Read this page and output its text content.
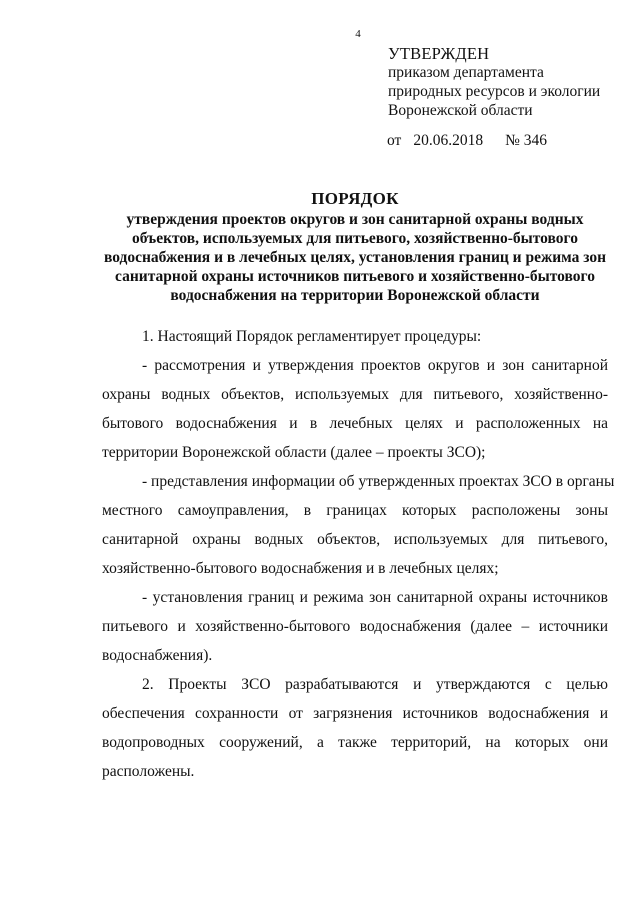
4
УТВЕРЖДЕН
приказом департамента
природных ресурсов и экологии
Воронежской области
от 20.06.2018 № 346
ПОРЯДОК
утверждения проектов округов и зон санитарной охраны водных
объектов, используемых для питьевого, хозяйственно-бытового
водоснабжения и в лечебных целях, установления границ и режима зон
санитарной охраны источников питьевого и хозяйственно-бытового
водоснабжения на территории Воронежской области
1. Настоящий Порядок регламентирует процедуры:
- рассмотрения и утверждения проектов округов и зон санитарной
охраны водных объектов, используемых для питьевого, хозяйственно-
бытового водоснабжения и в лечебных целях и расположенных на
территории Воронежской области (далее – проекты ЗСО);
- представления информации об утвержденных проектах ЗСО в органы
местного самоуправления, в границах которых расположены зоны
санитарной охраны водных объектов, используемых для питьевого,
хозяйственно-бытового водоснабжения и в лечебных целях;
- установления границ и режима зон санитарной охраны источников
питьевого и хозяйственно-бытового водоснабжения (далее – источники
водоснабжения).
2. Проекты ЗСО разрабатываются и утверждаются с целью
обеспечения сохранности от загрязнения источников водоснабжения и
водопроводных сооружений, а также территорий, на которых они
расположены.
